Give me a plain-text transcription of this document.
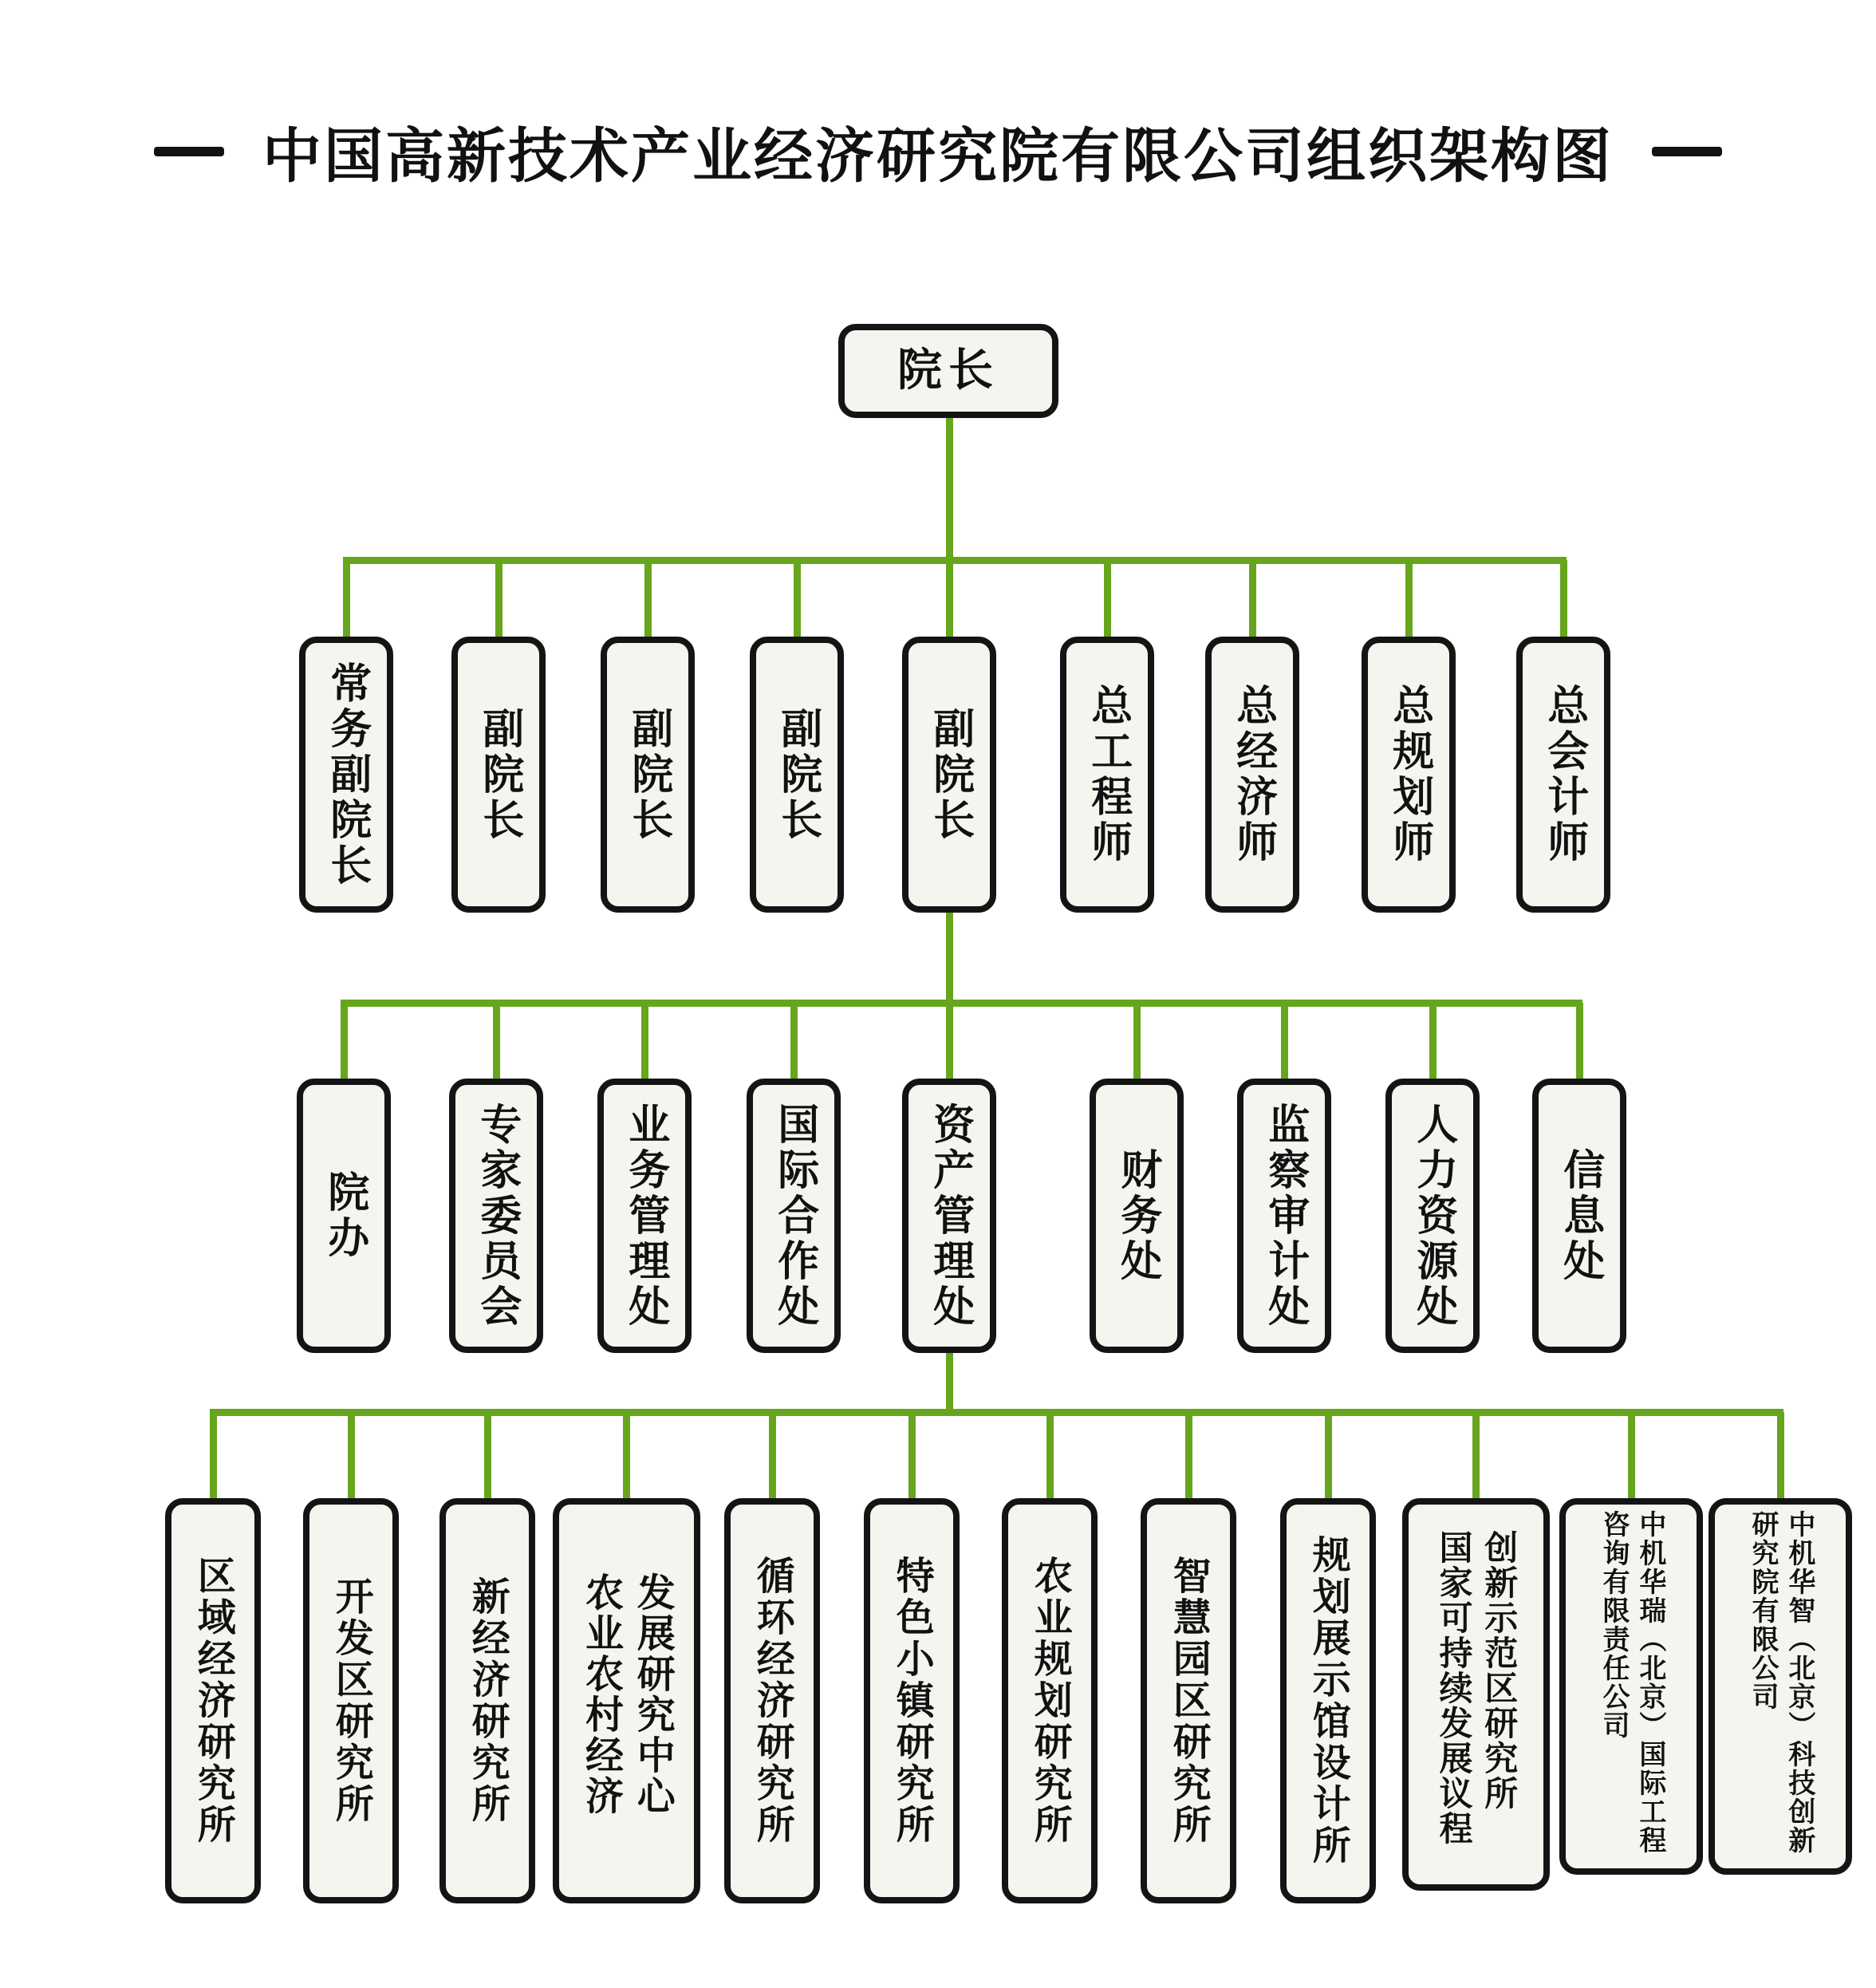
中国高新技术产业经济研究院有限公司组织架构图
院长
常务副院长	副院长 副院长 副院长	副院长	总工程师 总经济师	总规划师	总会计师
院办	专家委员会 业务管理处 国际合作处	资产管理处	财务处 监察审计处 人力资源处 信息处
区域经济研究所 开发区研究所 新经济研究所 农业农村经济发展研究中心 循环经济研究所 特色小镇研究所 农业规划研究所 智慧园区研究所 规划展示馆设计所	国家可持续发展议程创新示范区研究所	中机华瑞（北京）国际工程咨询有限责任公司	中机华智（北京）科技创新研究院有限公司
